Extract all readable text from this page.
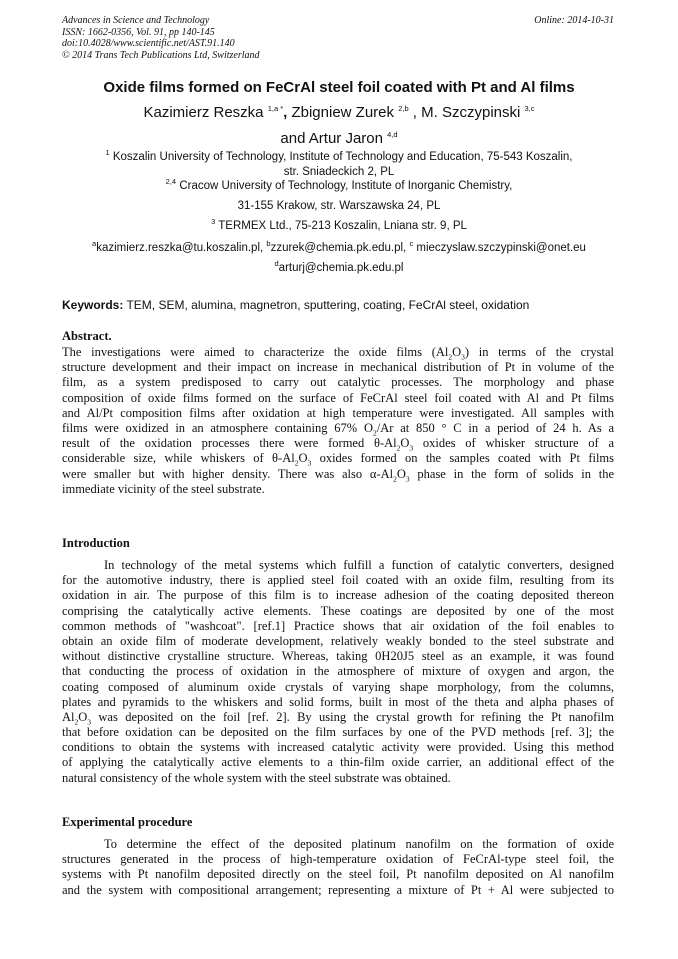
Advances in Science and Technology
ISSN: 1662-0356, Vol. 91, pp 140-145
doi:10.4028/www.scientific.net/AST.91.140
© 2014 Trans Tech Publications Ltd, Switzerland
Online: 2014-10-31
Oxide films formed on FeCrAl steel foil coated with Pt and Al films
Kazimierz Reszka $^{1,a *}$, Zbigniew Zurek $^{2,b}$ , M. Szczypinski $^{3,c}$
and Artur Jaron $^{4,d}$
$^1$ Koszalin University of Technology, Institute of Technology and Education, 75-543 Koszalin,
str. Sniadeckich 2, PL
$^{2,4}$ Cracow University of Technology, Institute of Inorganic Chemistry,
31-155 Krakow, str. Warszawska 24, PL
$^3$ TERMEX Ltd., 75-213 Koszalin, Lniana str. 9, PL
$^a$kazimierz.reszka@tu.koszalin.pl, $^b$zzurek@chemia.pk.edu.pl, $^c$ mieczyslaw.szczypinski@onet.eu
$^d$arturj@chemia.pk.edu.pl
Keywords: TEM, SEM, alumina, magnetron, sputtering, coating, FeCrAl steel, oxidation
Abstract.
The investigations were aimed to characterize the oxide films $(Al_2O_3)$ in terms of the crystal
structure development and their impact on increase in mechanical distribution of Pt in volume of the
film, as a system predisposed to carry out catalytic processes. The morphology and phase
composition of oxide films formed on the surface of FeCrAl steel foil coated with Al and Pt films
and Al/Pt composition films after oxidation at high temperature were investigated. All samples with
films were oxidized in an atmosphere containing 67% $O_2/Ar$ at 850 ° C in a period of 24 h. As a
result of the oxidation processes there were formed $\theta-Al_2O_3$ oxides of whisker structure of a
considerable size, while whiskers of $\theta-Al_2O_3$ oxides formed on the samples coated with Pt films
were smaller but with higher density. There was also $\alpha-Al_2O_3$ phase in the form of solids in the
immediate vicinity of the steel substrate.
Introduction
In technology of the metal systems which fulfill a function of catalytic converters, designed
for the automotive industry, there is applied steel foil coated with an oxide film, resulting from its
oxidation in air. The purpose of this film is to increase adhesion of the coating deposited thereon
comprising the catalytically active elements. These coatings are deposited by one of the most
common methods of "washcoat". [ref.1] Practice shows that air oxidation of the foil enables to
obtain an oxide film of moderate development, relatively weakly bonded to the steel substrate and
without distinctive crystalline structure. Whereas, taking 0H20J5 steel as an example, it was found
that conducting the process of oxidation in the atmosphere of mixture of oxygen and argon, the
coating composed of aluminum oxide crystals of varying shape morphology, from the columns,
plates and pyramids to the whiskers and solid forms, built in most of the theta and alpha phases of
$Al_2O_3$ was deposited on the foil [ref. 2]. By using the crystal growth for refining the Pt nanofilm
that before oxidation can be deposited on the film surfaces by one of the PVD methods [ref. 3]; the
conditions to obtain the systems with increased catalytic activity were provided. Using this method
of applying the catalytically active elements to a thin-film oxide carrier, an additional effect of the
natural consistency of the whole system with the steel substrate was obtained.
Experimental procedure
To determine the effect of the deposited platinum nanofilm on the formation of oxide
structures generated in the process of high-temperature oxidation of FeCrAl-type steel foil, the
systems with Pt nanofilm deposited directly on the steel foil, Pt nanofilm deposited on Al nanofilm
and the system with compositional arrangement; representing a mixture of Pt + Al were subjected to
